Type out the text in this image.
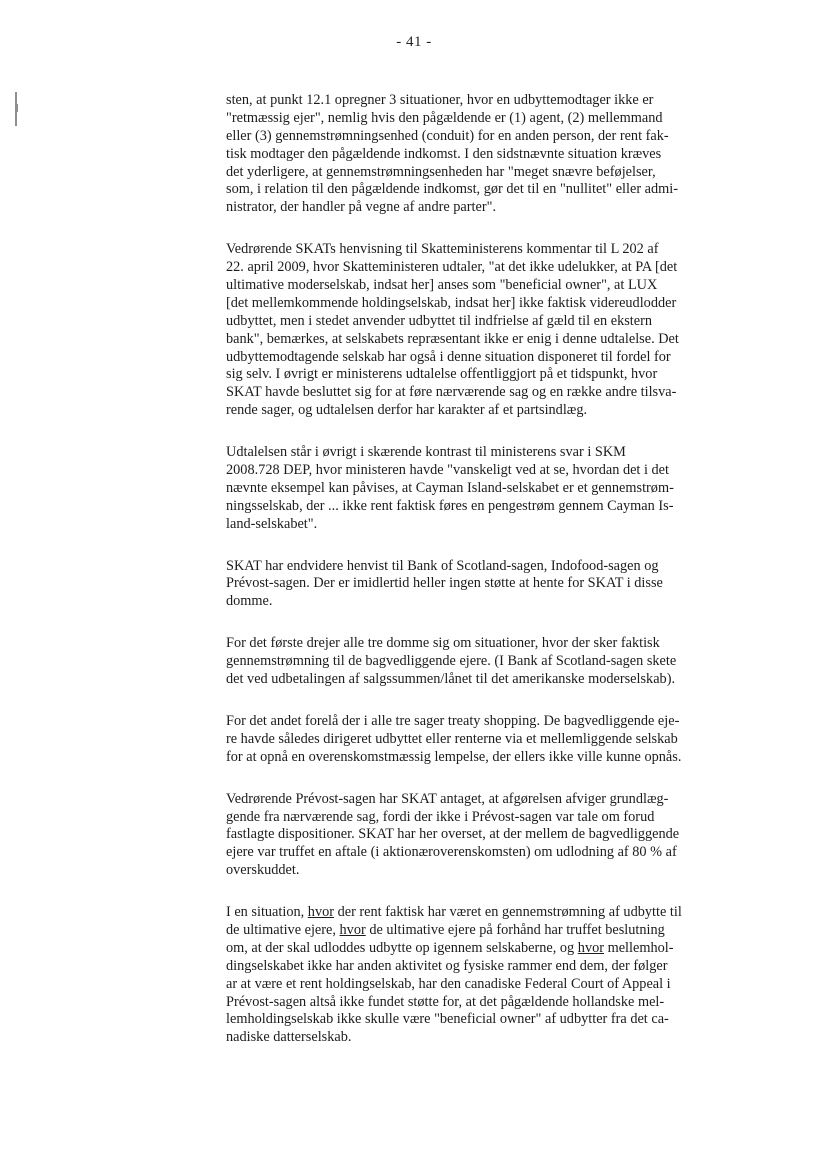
- 41 -
sten, at punkt 12.1 opregner 3 situationer, hvor en udbyttemodtager ikke er
"retmæssig ejer", nemlig hvis den pågældende er (1) agent, (2) mellemmand
eller (3) gennemstrømningsenhed (conduit) for en anden person, der rent fak-
tisk modtager den pågældende indkomst. I den sidstnævnte situation kræves
det yderligere, at gennemstrømningsenheden har "meget snævre beføjelser,
som, i relation til den pågældende indkomst, gør det til en "nullitet" eller admi-
nistrator, der handler på vegne af andre parter".
Vedrørende SKATs henvisning til Skatteministerens kommentar til L 202 af
22. april 2009, hvor Skatteministeren udtaler, "at det ikke udelukker, at PA [det
ultimative moderselskab, indsat her] anses som "beneficial owner", at LUX
[det mellemkommende holdingselskab, indsat her] ikke faktisk videreudlodder
udbyttet, men i stedet anvender udbyttet til indfrielse af gæld til en ekstern
bank", bemærkes, at selskabets repræsentant ikke er enig i denne udtalelse. Det
udbyttemodtagende selskab har også i denne situation disponeret til fordel for
sig selv. I øvrigt er ministerens udtalelse offentliggjort på et tidspunkt, hvor
SKAT havde besluttet sig for at føre nærværende sag og en række andre tilsva-
rende sager, og udtalelsen derfor har karakter af et partsindlæg.
Udtalelsen står i øvrigt i skærende kontrast til ministerens svar i SKM
2008.728 DEP, hvor ministeren havde "vanskeligt ved at se, hvordan det i det
nævnte eksempel kan påvises, at Cayman Island-selskabet er et gennemstrøm-
ningsselskab, der ... ikke rent faktisk føres en pengestrøm gennem Cayman Is-
land-selskabet".
SKAT har endvidere henvist til Bank of Scotland-sagen, Indofood-sagen og
Prévost-sagen. Der er imidlertid heller ingen støtte at hente for SKAT i disse
domme.
For det første drejer alle tre domme sig om situationer, hvor der sker faktisk
gennemstrømning til de bagvedliggende ejere. (I Bank af Scotland-sagen skete
det ved udbetalingen af salgssummen/lånet til det amerikanske moderselskab).
For det andet forelå der i alle tre sager treaty shopping. De bagvedliggende eje-
re havde således dirigeret udbyttet eller renterne via et mellemliggende selskab
for at opnå en overenskomstmæssig lempelse, der ellers ikke ville kunne opnås.
Vedrørende Prévost-sagen har SKAT antaget, at afgørelsen afviger grundlæg-
gende fra nærværende sag, fordi der ikke i Prévost-sagen var tale om forud
fastlagte dispositioner. SKAT har her overset, at der mellem de bagvedliggende
ejere var truffet en aftale (i aktionæroverenskomsten) om udlodning af 80 % af
overskuddet.
I en situation, hvor der rent faktisk har været en gennemstrømning af udbytte til
de ultimative ejere, hvor de ultimative ejere på forhånd har truffet beslutning
om, at der skal udloddes udbytte op igennem selskaberne, og hvor mellemhol-
dingselskabet ikke har anden aktivitet og fysiske rammer end dem, der følger
ar at være et rent holdingselskab, har den canadiske Federal Court of Appeal i
Prévost-sagen altså ikke fundet støtte for, at det pågældende hollandske mel-
lemholdingselskab ikke skulle være "beneficial owner" af udbytter fra det ca-
nadiske datterselskab.
